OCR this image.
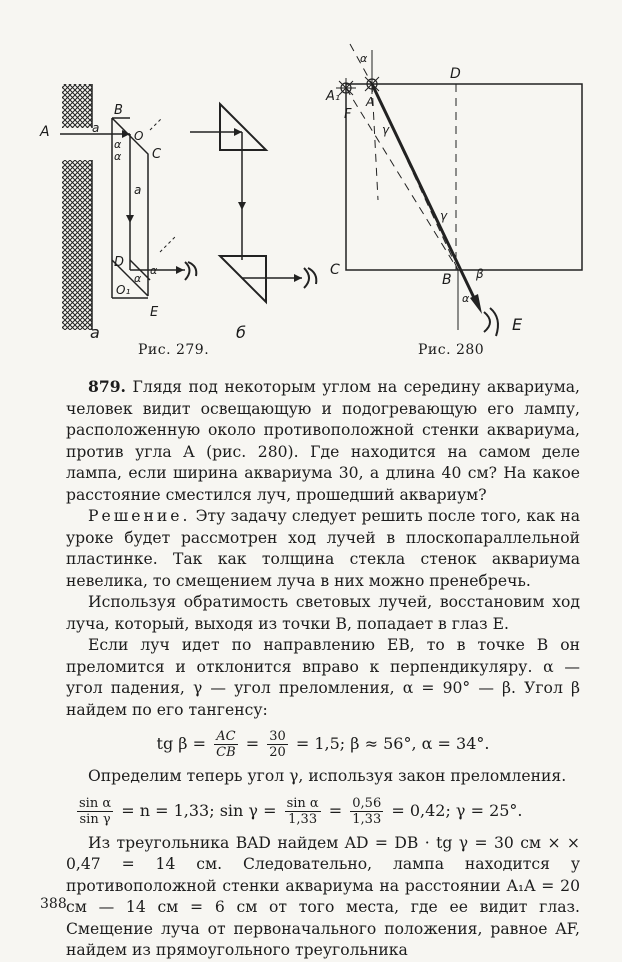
A	a
B
O
C
α
α
a
D
α
α
O₁
E
a	б
Рис. 279.
A₁ A
α
D
F
γ
γ
C
B β
α
E
Рис. 280

879. Глядя под некоторым углом на середину аквариума, человек видит освещающую и подогревающую его лампу, расположенную около противоположной стенки аквариума, против угла A (рис. 280). Где находится на самом деле лампа, если ширина аквариума 30, а длина 40 см? На какое расстояние сместился луч, прошедший аквариум?

Решение. Эту задачу следует решить после того, как на уроке будет рассмотрен ход лучей в плоскопараллельной пластинке. Так как толщина стекла стенок аквариума невелика, то смещением луча в них можно пренебречь.

Используя обратимость световых лучей, восстановим ход луча, который, выходя из точки B, попадает в глаз E.

Если луч идет по направлению EB, то в точке B он преломится и отклонится вправо к перпендикуляру. α — угол падения, γ — угол преломления, α = 90° — β. Угол β найдем по его тангенсу:

tg $\beta = \frac{AC}{CB} = \frac{30}{20} = 1,5$; β ≈ 56°, α = 34°.

Определим теперь угол γ, используя закон преломления.

$\frac{\text{sin α}}{\text{sin γ}} = n = 1,33$; $\sin \gamma = \frac{\text{sin α}}{1,33} = \frac{0,56}{1,33} = 0,42$; γ = 25°.

Из треугольника BAD найдем AD = DB · tg γ = 30 см × × 0,47 = 14 см. Следовательно, лампа находится у противоположной стенки аквариума на расстоянии A₁A = 20 см — 14 см = 6 см от того места, где ее видит глаз. Смещение луча от первоначального положения, равное AF, найдем из прямоугольного треугольника

388
